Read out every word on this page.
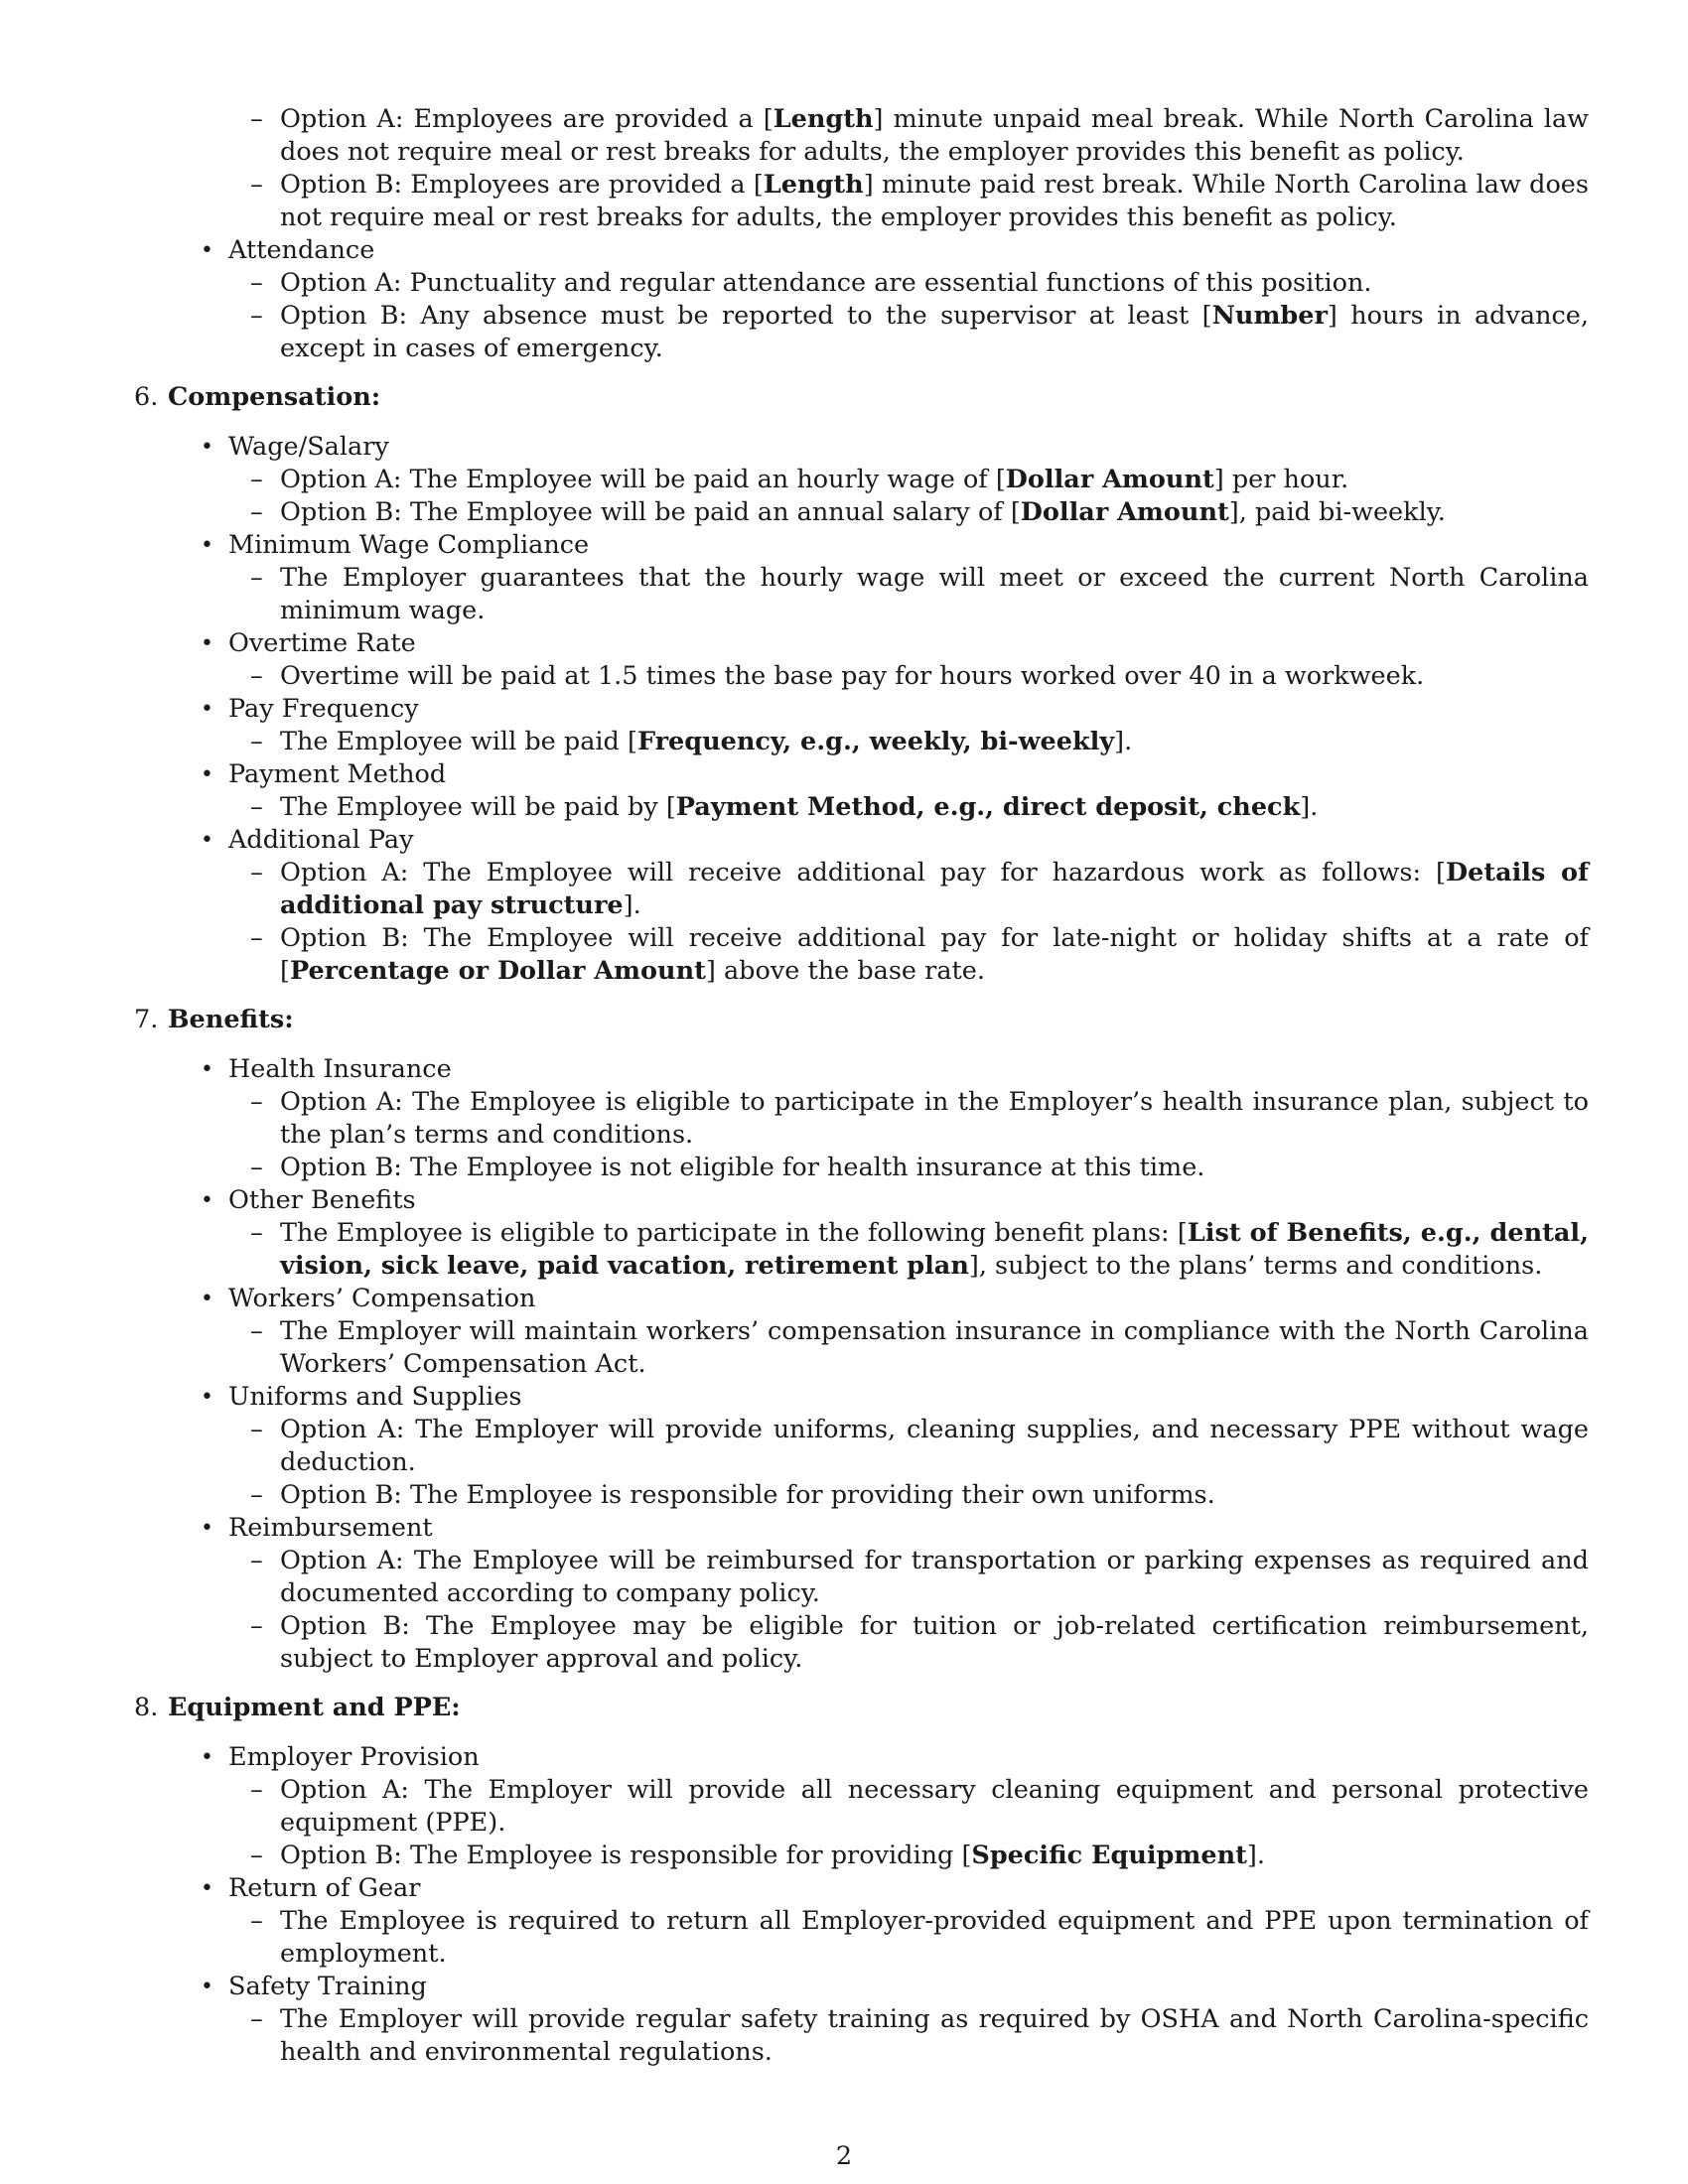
– Option A: Employees are provided a [Length] minute unpaid meal break. While North Carolina law does not require meal or rest breaks for adults, the employer provides this benefit as policy.
– Option B: Employees are provided a [Length] minute paid rest break. While North Carolina law does not require meal or rest breaks for adults, the employer provides this benefit as policy.
• Attendance
– Option A: Punctuality and regular attendance are essential functions of this position.
– Option B: Any absence must be reported to the supervisor at least [Number] hours in advance, except in cases of emergency.
6. Compensation:
• Wage/Salary
– Option A: The Employee will be paid an hourly wage of [Dollar Amount] per hour.
– Option B: The Employee will be paid an annual salary of [Dollar Amount], paid bi-weekly.
• Minimum Wage Compliance
– The Employer guarantees that the hourly wage will meet or exceed the current North Carolina minimum wage.
• Overtime Rate
– Overtime will be paid at 1.5 times the base pay for hours worked over 40 in a workweek.
• Pay Frequency
– The Employee will be paid [Frequency, e.g., weekly, bi-weekly].
• Payment Method
– The Employee will be paid by [Payment Method, e.g., direct deposit, check].
• Additional Pay
– Option A: The Employee will receive additional pay for hazardous work as follows: [Details of additional pay structure].
– Option B: The Employee will receive additional pay for late-night or holiday shifts at a rate of [Percentage or Dollar Amount] above the base rate.
7. Benefits:
• Health Insurance
– Option A: The Employee is eligible to participate in the Employer’s health insurance plan, subject to the plan’s terms and conditions.
– Option B: The Employee is not eligible for health insurance at this time.
• Other Benefits
– The Employee is eligible to participate in the following benefit plans: [List of Benefits, e.g., dental, vision, sick leave, paid vacation, retirement plan], subject to the plans’ terms and conditions.
• Workers’ Compensation
– The Employer will maintain workers’ compensation insurance in compliance with the North Carolina Workers’ Compensation Act.
• Uniforms and Supplies
– Option A: The Employer will provide uniforms, cleaning supplies, and necessary PPE without wage deduction.
– Option B: The Employee is responsible for providing their own uniforms.
• Reimbursement
– Option A: The Employee will be reimbursed for transportation or parking expenses as required and documented according to company policy.
– Option B: The Employee may be eligible for tuition or job-related certification reimbursement, subject to Employer approval and policy.
8. Equipment and PPE:
• Employer Provision
– Option A: The Employer will provide all necessary cleaning equipment and personal protective equipment (PPE).
– Option B: The Employee is responsible for providing [Specific Equipment].
• Return of Gear
– The Employee is required to return all Employer-provided equipment and PPE upon termination of employment.
• Safety Training
– The Employer will provide regular safety training as required by OSHA and North Carolina-specific health and environmental regulations.
2
